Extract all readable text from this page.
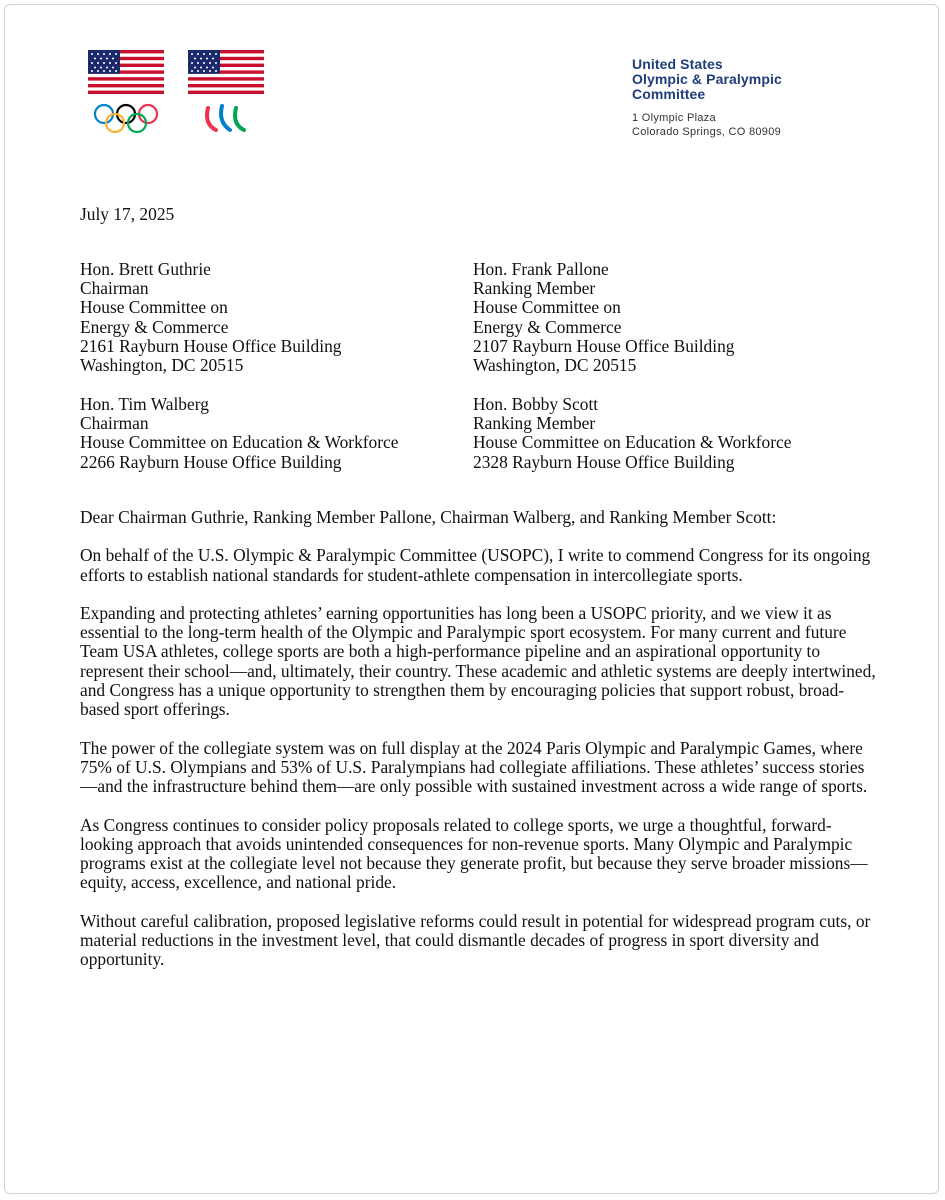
United States
Olympic & Paralympic
Committee
1 Olympic Plaza
Colorado Springs, CO 80909
July 17, 2025
Hon. Brett Guthrie
Chairman
House Committee on
Energy & Commerce
2161 Rayburn House Office Building
Washington, DC 20515
Hon. Frank Pallone
Ranking Member
House Committee on
Energy & Commerce
2107 Rayburn House Office Building
Washington, DC 20515
Hon. Tim Walberg
Chairman
House Committee on Education & Workforce
2266 Rayburn House Office Building
Hon. Bobby Scott
Ranking Member
House Committee on Education & Workforce
2328 Rayburn House Office Building

Dear Chairman Guthrie, Ranking Member Pallone, Chairman Walberg, and Ranking Member Scott:

On behalf of the U.S. Olympic & Paralympic Committee (USOPC), I write to commend Congress for its ongoing efforts to establish national standards for student-athlete compensation in intercollegiate sports.

Expanding and protecting athletes’ earning opportunities has long been a USOPC priority, and we view it as essential to the long-term health of the Olympic and Paralympic sport ecosystem. For many current and future Team USA athletes, college sports are both a high-performance pipeline and an aspirational opportunity to represent their school—and, ultimately, their country. These academic and athletic systems are deeply intertwined, and Congress has a unique opportunity to strengthen them by encouraging policies that support robust, broad-based sport offerings.

The power of the collegiate system was on full display at the 2024 Paris Olympic and Paralympic Games, where 75% of U.S. Olympians and 53% of U.S. Paralympians had collegiate affiliations. These athletes’ success stories—and the infrastructure behind them—are only possible with sustained investment across a wide range of sports.

As Congress continues to consider policy proposals related to college sports, we urge a thoughtful, forward-looking approach that avoids unintended consequences for non-revenue sports. Many Olympic and Paralympic programs exist at the collegiate level not because they generate profit, but because they serve broader missions—equity, access, excellence, and national pride.

Without careful calibration, proposed legislative reforms could result in potential for widespread program cuts, or material reductions in the investment level, that could dismantle decades of progress in sport diversity and opportunity.
